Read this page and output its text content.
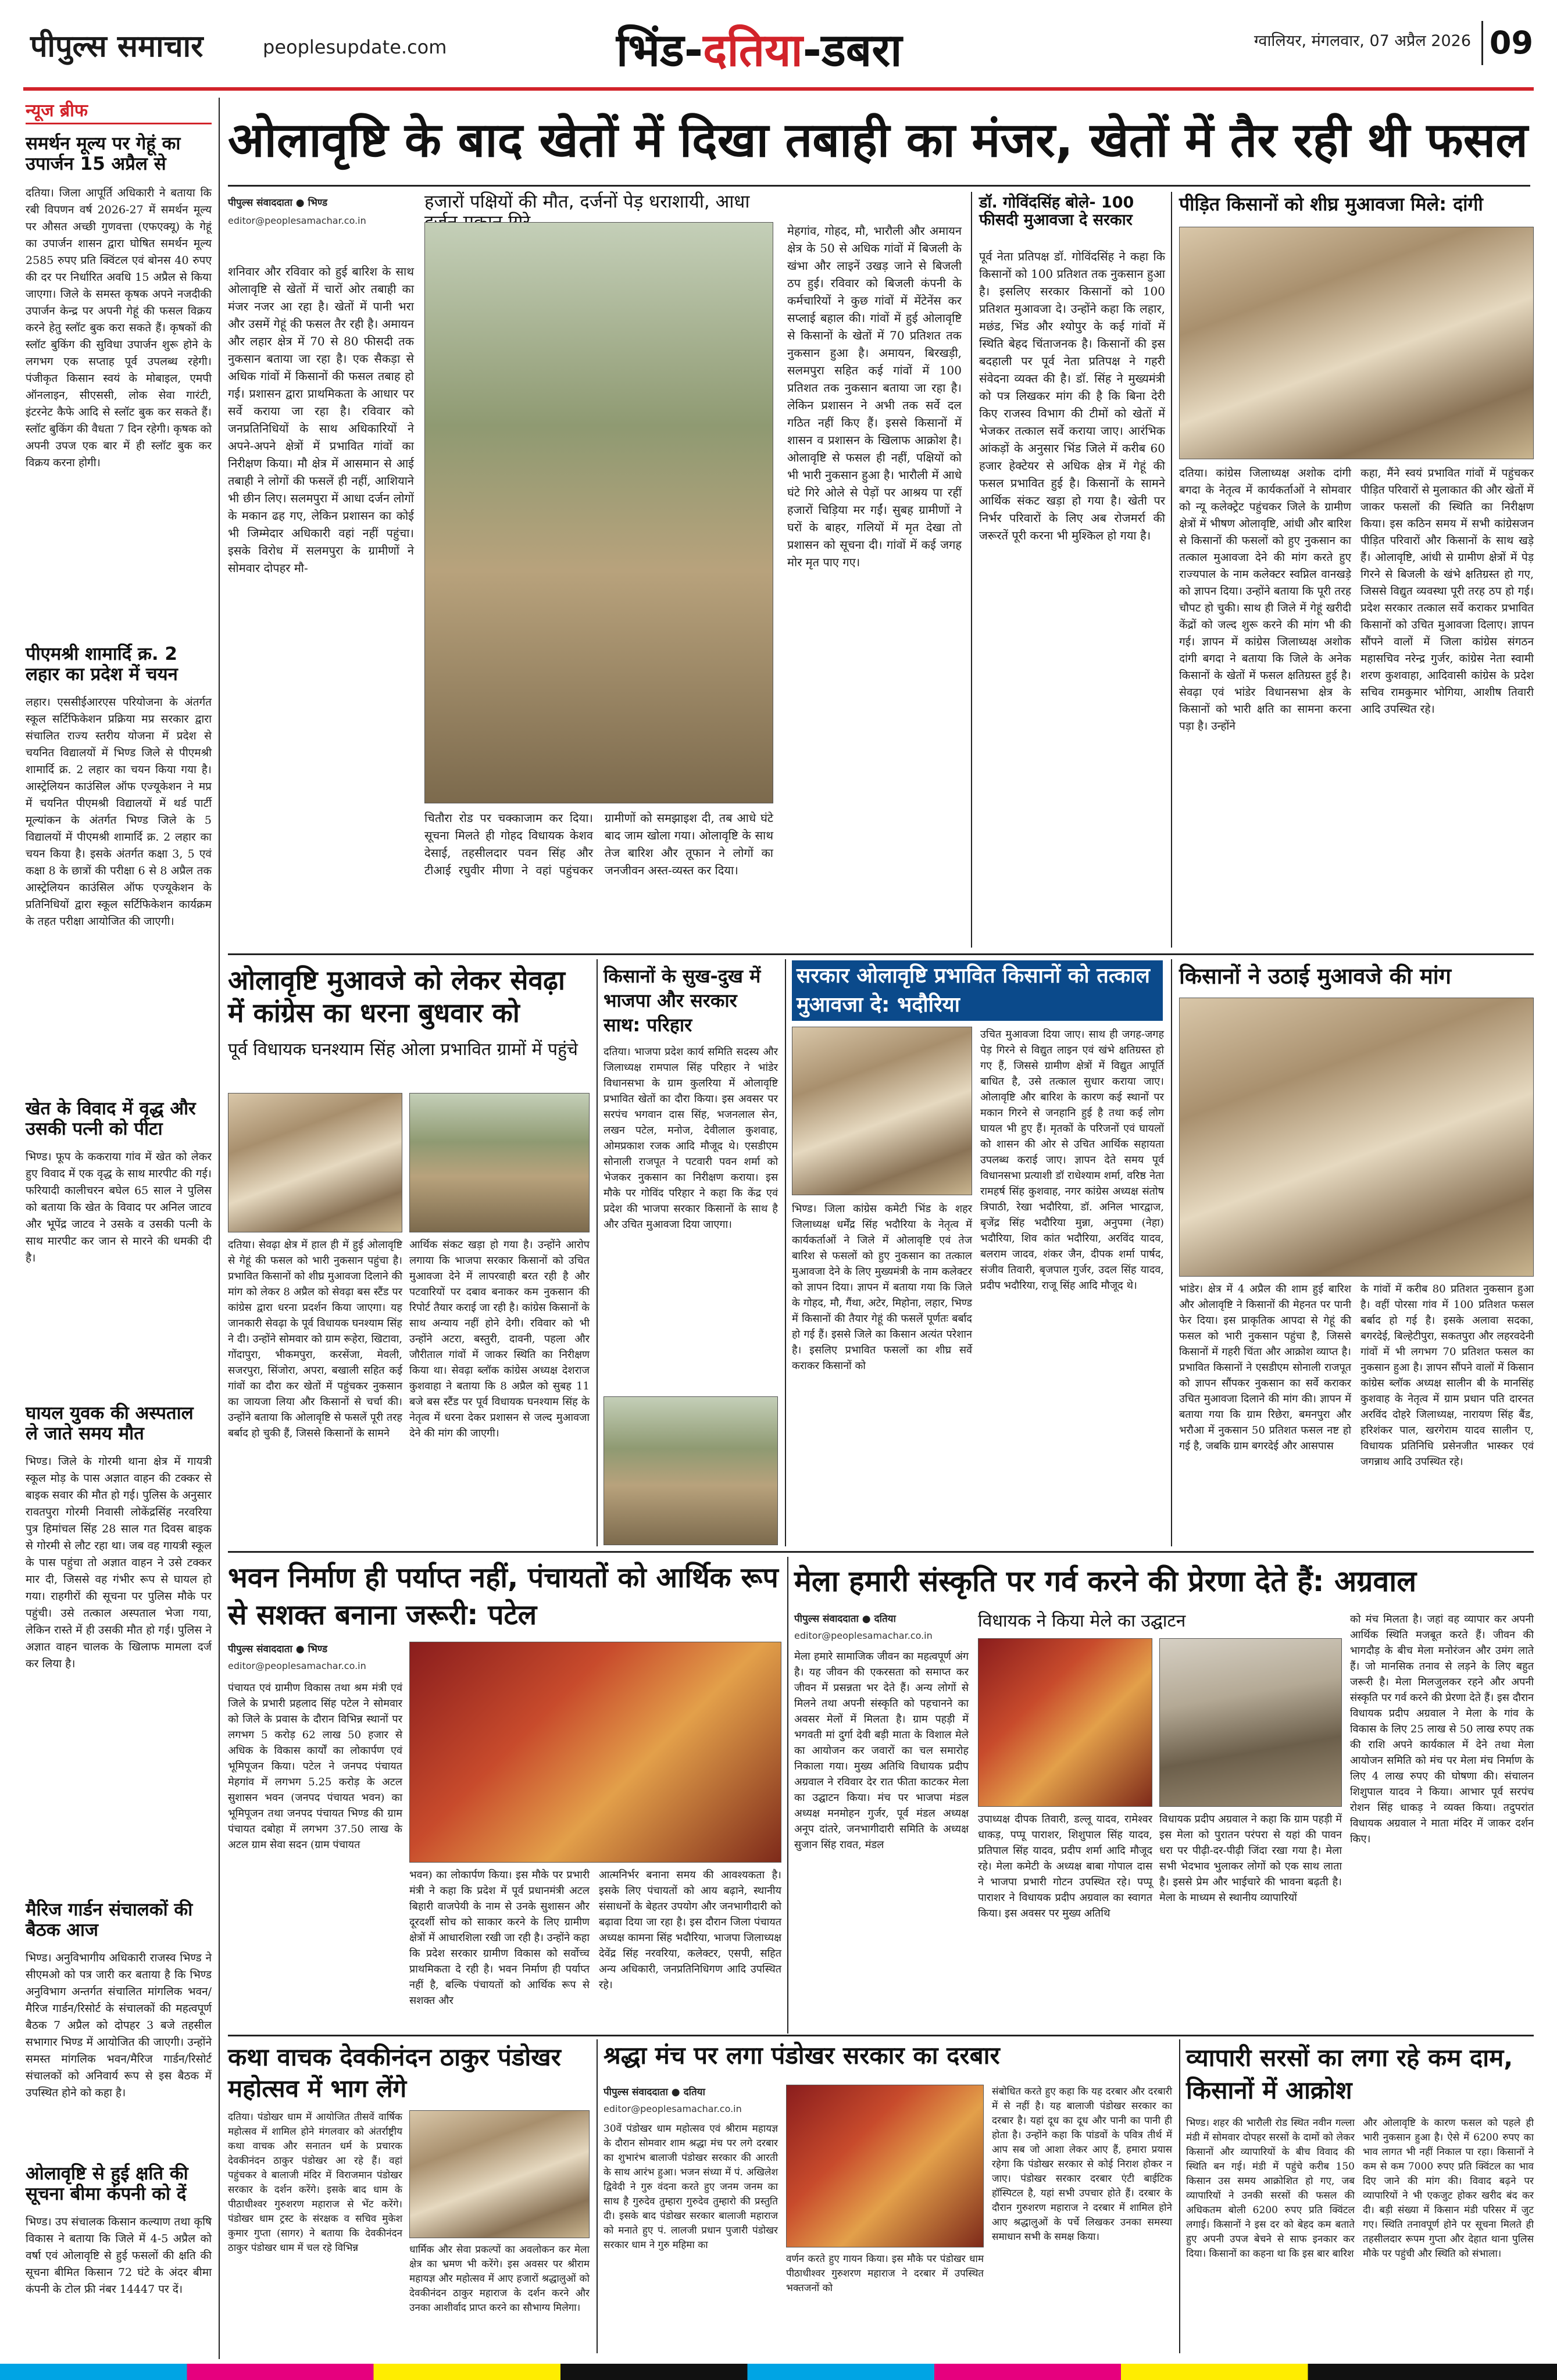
पीपुल्स समाचार	peoplesupdate.com	भिंड-दतिया-डबरा	ग्वालियर, मंगलवार, 07 अप्रैल 2026 09
न्यूज ब्रीफ
समर्थन मूल्य पर गेहूं का उपार्जन 15 अप्रैल से
दतिया। जिला आपूर्ति अधिकारी ने बताया कि रबी विपणन वर्ष 2026-27 में समर्थन मूल्य पर औसत अच्छी गुणवत्ता (एफएक्यू) के गेहूं का उपार्जन शासन द्वारा घोषित समर्थन मूल्य 2585 रुपए प्रति क्विंटल एवं बोनस 40 रुपए की दर पर निर्धारित अवधि 15 अप्रैल से किया जाएगा। जिले के समस्त कृषक अपने नजदीकी उपार्जन केन्द्र पर अपनी गेहूं की फसल विक्रय करने हेतु स्लॉट बुक करा सकते हैं। कृषकों की स्लॉट बुकिंग की सुविधा उपार्जन शुरू होने के लगभग एक सप्ताह पूर्व उपलब्ध रहेगी। पंजीकृत किसान स्वयं के मोबाइल, एमपी ऑनलाइन, सीएससी, लोक सेवा गारंटी, इंटरनेट कैफे आदि से स्लॉट बुक कर सकते हैं। स्लॉट बुकिंग की वैधता 7 दिन रहेगी। कृषक को अपनी उपज एक बार में ही स्लॉट बुक कर विक्रय करना होगी।
पीएमश्री शामार्दि क्र. 2 लहार का प्रदेश में चयन
लहार। एससीईआरएस परियोजना के अंतर्गत स्कूल सर्टिफिकेशन प्रक्रिया मप्र सरकार द्वारा संचालित राज्य स्तरीय योजना में प्रदेश से चयनित विद्यालयों में भिण्ड जिले से पीएमश्री शामार्दि क्र. 2 लहार का चयन किया गया है। आस्ट्रेलियन काउंसिल ऑफ एज्यूकेशन ने मप्र में चयनित पीएमश्री विद्यालयों में थर्ड पार्टी मूल्यांकन के अंतर्गत भिण्ड जिले के 5 विद्यालयों में पीएमश्री शामार्दि क्र. 2 लहार का चयन किया है। इसके अंतर्गत कक्षा 3, 5 एवं कक्षा 8 के छात्रों की परीक्षा 6 से 8 अप्रैल तक आस्ट्रेलियन काउंसिल ऑफ एज्यूकेशन के प्रतिनिधियों द्वारा स्कूल सर्टिफिकेशन कार्यक्रम के तहत परीक्षा आयोजित की जाएगी।
खेत के विवाद में वृद्ध और उसकी पत्नी को पीटा
भिण्ड। फूप के ककराया गांव में खेत को लेकर हुए विवाद में एक वृद्ध के साथ मारपीट की गई। फरियादी कालीचरन बघेल 65 साल ने पुलिस को बताया कि खेत के विवाद पर अनिल जाटव और भूपेंद्र जाटव ने उसके व उसकी पत्नी के साथ मारपीट कर जान से मारने की धमकी दी है।
घायल युवक की अस्पताल ले जाते समय मौत
भिण्ड। जिले के गोरमी थाना क्षेत्र में गायत्री स्कूल मोड़ के पास अज्ञात वाहन की टक्कर से बाइक सवार की मौत हो गई। पुलिस के अनुसार रावतपुरा गोरमी निवासी लोकेंद्रसिंह नरवरिया पुत्र हिमांचल सिंह 28 साल गत दिवस बाइक से गोरमी से लौट रहा था। जब वह गायत्री स्कूल के पास पहुंचा तो अज्ञात वाहन ने उसे टक्कर मार दी, जिससे वह गंभीर रूप से घायल हो गया। राहगीरों की सूचना पर पुलिस मौके पर पहुंची। उसे तत्काल अस्पताल भेजा गया, लेकिन रास्ते में ही उसकी मौत हो गई। पुलिस ने अज्ञात वाहन चालक के खिलाफ मामला दर्ज कर लिया है।
मैरिज गार्डन संचालकों की बैठक आज
भिण्ड। अनुविभागीय अधिकारी राजस्व भिण्ड ने सीएमओ को पत्र जारी कर बताया है कि भिण्ड अनुविभाग अन्तर्गत संचालित मांगलिक भवन/मैरिज गार्डन/रिसोर्ट के संचालकों की महत्वपूर्ण बैठक 7 अप्रैल को दोपहर 3 बजे तहसील सभागार भिण्ड में आयोजित की जाएगी। उन्होंने समस्त मांगलिक भवन/मैरिज गार्डन/रिसोर्ट संचालकों को अनिवार्य रूप से इस बैठक में उपस्थित होने को कहा है।
ओलावृष्टि से हुई क्षति की सूचना बीमा कंपनी को दें
भिण्ड। उप संचालक किसान कल्याण तथा कृषि विकास ने बताया कि जिले में 4-5 अप्रैल को वर्षा एवं ओलावृष्टि से हुई फसलों की क्षति की सूचना बीमित किसान 72 घंटे के अंदर बीमा कंपनी के टोल फ्री नंबर 14447 पर दें।
ओलावृष्टि के बाद खेतों में दिखा तबाही का मंजर, खेतों में तैर रही थी फसल
पीपुल्स संवाददाता ● भिण्ड
editor@peoplesamachar.co.in
शनिवार और रविवार को हुई बारिश के साथ ओलावृष्टि से खेतों में चारों ओर तबाही का मंजर नजर आ रहा है। खेतों में पानी भरा और उसमें गेहूं की फसल तैर रही है। अमायन और लहार क्षेत्र में 70 से 80 फीसदी तक नुकसान बताया जा रहा है। एक सैकड़ा से अधिक गांवों में किसानों की फसल तबाह हो गई। प्रशासन द्वारा प्राथमिकता के आधार पर सर्वे कराया जा रहा है। रविवार को जनप्रतिनिधियों के साथ अधिकारियों ने अपने-अपने क्षेत्रों में प्रभावित गांवों का निरीक्षण किया। मौ क्षेत्र में आसमान से आई तबाही ने लोगों की फसलें ही नहीं, आशियाने भी छीन लिए। सलमपुरा में आधा दर्जन लोगों के मकान ढह गए, लेकिन प्रशासन का कोई भी जिम्मेदार अधिकारी वहां नहीं पहुंचा। इसके विरोध में सलमपुरा के ग्रामीणों ने सोमवार दोपहर मौ-
हजारों पक्षियों की मौत, दर्जनों पेड़ धराशायी, आधा
चितौरा रोड पर चक्काजाम कर दिया। सूचना मिलते ही गोहद विधायक केशव देसाई, तहसीलदार पवन सिंह और टीआई रघुवीर मीणा ने वहां पहुंचकर ग्रामीणों को समझाइश दी, तब आधे घंटे बाद जाम खोला गया। ओलावृष्टि के साथ तेज बारिश और तूफान ने लोगों का जनजीवन अस्त-व्यस्त कर दिया।
मेहगांव, गोहद, मौ, भारौली और अमायन क्षेत्र के 50 से अधिक गांवों में बिजली के खंभा और लाइनें उखड़ जाने से बिजली ठप हुई। रविवार को बिजली कंपनी के कर्मचारियों ने कुछ गांवों में मेंटेनेंस कर सप्लाई बहाल की। गांवों में हुई ओलावृष्टि से किसानों के खेतों में 70 प्रतिशत तक नुकसान हुआ है। अमायन, बिरखड़ी, सलमपुरा सहित कई गांवों में 100 प्रतिशत तक नुकसान बताया जा रहा है। लेकिन प्रशासन ने अभी तक सर्वे दल गठित नहीं किए हैं। इससे किसानों में शासन व प्रशासन के खिलाफ आक्रोश है। ओलावृष्टि से फसल ही नहीं, पक्षियों को भी भारी नुकसान हुआ है। भारौली में आधे घंटे गिरे ओले से पेड़ों पर आश्रय पा रहीं हजारों चिड़िया मर गईं। सुबह ग्रामीणों ने घरों के बाहर, गलियों में मृत देखा तो प्रशासन को सूचना दी। गांवों में कई जगह मोर मृत पाए गए।
डॉ. गोविंदसिंह बोले- 100 फीसदी मुआवजा दे सरकार
पूर्व नेता प्रतिपक्ष डॉ. गोविंदसिंह ने कहा कि किसानों को 100 प्रतिशत तक नुकसान हुआ है। इसलिए सरकार किसानों को 100 प्रतिशत मुआवजा दे। उन्होंने कहा कि लहार, मछंड, भिंड और श्योपुर के कई गांवों में स्थिति बेहद चिंताजनक है। किसानों की इस बदहाली पर पूर्व नेता प्रतिपक्ष ने गहरी संवेदना व्यक्त की है। डॉ. सिंह ने मुख्यमंत्री को पत्र लिखकर मांग की है कि बिना देरी किए राजस्व विभाग की टीमों को खेतों में भेजकर तत्काल सर्वे कराया जाए। आरंभिक आंकड़ों के अनुसार भिंड जिले में करीब 60 हजार हेक्टेयर से अधिक क्षेत्र में गेहूं की फसल प्रभावित हुई है। किसानों के सामने आर्थिक संकट खड़ा हो गया है। खेती पर निर्भर परिवारों के लिए अब रोजमर्रा की जरूरतें पूरी करना भी मुश्किल हो गया है।
पीड़ित किसानों को शीघ्र मुआवजा मिले: दांगी
दतिया। कांग्रेस जिलाध्यक्ष अशोक दांगी बगदा के नेतृत्व में कार्यकर्ताओं ने सोमवार को न्यू कलेक्ट्रेट पहुंचकर जिले के ग्रामीण क्षेत्रों में भीषण ओलावृष्टि, आंधी और बारिश से किसानों की फसलों को हुए नुकसान का तत्काल मुआवजा देने की मांग करते हुए राज्यपाल के नाम कलेक्टर स्वप्निल वानखड़े को ज्ञापन दिया। उन्होंने बताया कि पूरी तरह चौपट हो चुकी। साथ ही जिले में गेहूं खरीदी केंद्रों को जल्द शुरू करने की मांग भी की गई। ज्ञापन में कांग्रेस जिलाध्यक्ष अशोक दांगी बगदा ने बताया कि जिले के अनेक किसानों के खेतों में फसल क्षतिग्रस्त हुई है। सेवढ़ा एवं भांडेर विधानसभा क्षेत्र के किसानों को भारी क्षति का सामना करना पड़ा है। उन्होंने
कहा, मैंने स्वयं प्रभावित गांवों में पहुंचकर पीड़ित परिवारों से मुलाकात की और खेतों में जाकर फसलों की स्थिति का निरीक्षण किया। इस कठिन समय में सभी कांग्रेसजन पीड़ित परिवारों और किसानों के साथ खड़े हैं। ओलावृष्टि, आंधी से ग्रामीण क्षेत्रों में पेड़ गिरने से बिजली के खंभे क्षतिग्रस्त हो गए, जिससे विद्युत व्यवस्था पूरी तरह ठप हो गई। प्रदेश सरकार तत्काल सर्वे कराकर प्रभावित किसानों को उचित मुआवजा दिलाए। ज्ञापन सौंपने वालों में जिला कांग्रेस संगठन महासचिव नरेन्द्र गुर्जर, कांग्रेस नेता स्वामी शरण कुशवाहा, आदिवासी कांग्रेस के प्रदेश सचिव रामकुमार भोगिया, आशीष तिवारी आदि उपस्थित रहे।
ओलावृष्टि मुआवजे को लेकर सेवढ़ा में कांग्रेस का धरना बुधवार को
पूर्व विधायक घनश्याम सिंह ओला प्रभावित ग्रामों में पहुंचे
दतिया। सेवढ़ा क्षेत्र में हाल ही में हुई ओलावृष्टि से गेहूं की फसल को भारी नुकसान पहुंचा है। प्रभावित किसानों को शीघ्र मुआवजा दिलाने की मांग को लेकर 8 अप्रैल को सेवढ़ा बस स्टैंड पर कांग्रेस द्वारा धरना प्रदर्शन किया जाएगा। यह जानकारी सेवढ़ा के पूर्व विधायक घनश्याम सिंह ने दी। उन्होंने सोमवार को ग्राम रूहेरा, खिटावा, गोंदापुरा, भीकमपुरा, करसेंजा, मेवली, सजरपुरा, सिंजोरा, अपरा, बखाली सहित कई गांवों का दौरा कर खेतों में पहुंचकर नुकसान का जायजा लिया और किसानों से चर्चा की। उन्होंने बताया कि ओलावृष्टि से फसलें पूरी तरह बर्बाद हो चुकी हैं, जिससे किसानों के सामने
आर्थिक संकट खड़ा हो गया है। उन्होंने आरोप लगाया कि भाजपा सरकार किसानों को उचित मुआवजा देने में लापरवाही बरत रही है और पटवारियों पर दबाव बनाकर कम नुकसान की रिपोर्ट तैयार कराई जा रही है। कांग्रेस किसानों के साथ अन्याय नहीं होने देगी। रविवार को भी उन्होंने अटरा, बस्तुरी, दावनी, पहला और जौरीताल गांवों में जाकर स्थिति का निरीक्षण किया था। सेवढ़ा ब्लॉक कांग्रेस अध्यक्ष देशराज कुशवाहा ने बताया कि 8 अप्रैल को सुबह 11 बजे बस स्टैंड पर पूर्व विधायक घनश्याम सिंह के नेतृत्व में धरना देकर प्रशासन से जल्द मुआवजा देने की मांग की जाएगी।
किसानों के सुख-दुख में भाजपा और सरकार साथ: परिहार
दतिया। भाजपा प्रदेश कार्य समिति सदस्य और जिलाध्यक्ष रामपाल सिंह परिहार ने भांडेर विधानसभा के ग्राम कुलरिया में ओलावृष्टि प्रभावित खेतों का दौरा किया। इस अवसर पर सरपंच भगवान दास सिंह, भजनलाल सेन, लखन पटेल, मनोज, देवीलाल कुशवाह, ओमप्रकाश रजक आदि मौजूद थे। एसडीएम सोनाली राजपूत ने पटवारी पवन शर्मा को भेजकर नुकसान का निरीक्षण कराया। इस मौके पर गोविंद परिहार ने कहा कि केंद्र एवं प्रदेश की भाजपा सरकार किसानों के साथ है और उचित मुआवजा दिया जाएगा।
सरकार ओलावृष्टि प्रभावित किसानों को तत्काल मुआवजा दे: भदौरिया
भिण्ड। जिला कांग्रेस कमेटी भिंड के शहर जिलाध्यक्ष धर्मेंद्र सिंह भदौरिया के नेतृत्व में कार्यकर्ताओं ने जिले में ओलावृष्टि एवं तेज बारिश से फसलों को हुए नुकसान का तत्काल मुआवजा देने के लिए मुख्यमंत्री के नाम कलेक्टर को ज्ञापन दिया। ज्ञापन में बताया गया कि जिले के गोहद, मौ, गैंथा, अटेर, मिहोना, लहार, भिण्ड में किसानों की तैयार गेहूं की फसलें पूर्णतः बर्बाद हो गई हैं। इससे जिले का किसान अत्यंत परेशान है। इसलिए प्रभावित फसलों का शीघ्र सर्वे कराकर किसानों को
उचित मुआवजा दिया जाए। साथ ही जगह-जगह पेड़ गिरने से विद्युत लाइन एवं खंभे क्षतिग्रस्त हो गए हैं, जिससे ग्रामीण क्षेत्रों में विद्युत आपूर्ति बाधित है, उसे तत्काल सुधार कराया जाए। ओलावृष्टि और बारिश के कारण कई स्थानों पर मकान गिरने से जनहानि हुई है तथा कई लोग घायल भी हुए हैं। मृतकों के परिजनों एवं घायलों को शासन की ओर से उचित आर्थिक सहायता उपलब्ध कराई जाए। ज्ञापन देते समय पूर्व विधानसभा प्रत्याशी डॉ राधेश्याम शर्मा, वरिष्ठ नेता रामहर्ष सिंह कुशवाह, नगर कांग्रेस अध्यक्ष संतोष त्रिपाठी, रेखा भदौरिया, डॉ. अनिल भारद्वाज, बृजेंद्र सिंह भदौरिया मुन्ना, अनुपमा (नेहा) भदौरिया, शिव कांत भदौरिया, अरविंद यादव, बलराम जादव, शंकर जैन, दीपक शर्मा पार्षद, संजीव तिवारी, बृजपाल गुर्जर, उदल सिंह यादव, प्रदीप भदौरिया, राजू सिंह आदि मौजूद थे।
किसानों ने उठाई मुआवजे की मांग
भांडेर। क्षेत्र में 4 अप्रैल की शाम हुई बारिश और ओलावृष्टि ने किसानों की मेहनत पर पानी फेर दिया। इस प्राकृतिक आपदा से गेहूं की फसल को भारी नुकसान पहुंचा है, जिससे किसानों में गहरी चिंता और आक्रोश व्याप्त है। प्रभावित किसानों ने एसडीएम सोनाली राजपूत को ज्ञापन सौंपकर नुकसान का सर्वे कराकर उचित मुआवजा दिलाने की मांग की। ज्ञापन में बताया गया कि ग्राम रिछेरा, बमनपुरा और भरौआ में नुकसान 50 प्रतिशत फसल नष्ट हो गई है, जबकि ग्राम बगरदेई और आसपास
के गांवों में करीब 80 प्रतिशत नुकसान हुआ है। वहीं पोरसा गांव में 100 प्रतिशत फसल बर्बाद हो गई है। इसके अलावा सदका, बगरदेई, बिल्हेटीपुरा, सकतपुरा और लहरवदेनी गांवों में भी लगभग 70 प्रतिशत फसल का नुकसान हुआ है। ज्ञापन सौंपने वालों में किसान कांग्रेस ब्लॉक अध्यक्ष सालीन बी के मानसिंह कुशवाह के नेतृत्व में ग्राम प्रधान पति दारनत अरविंद दोहरे जिलाध्यक्ष, नारायण सिंह बैंड, हरिशंकर पाल, खरगेराम यादव सालीन ए, विधायक प्रतिनिधि प्रसेनजीत भास्कर एवं जगन्नाथ आदि उपस्थित रहे।
भवन निर्माण ही पर्याप्त नहीं, पंचायतों को आर्थिक रूप से सशक्त बनाना जरूरी: पटेल
पीपुल्स संवाददाता ● भिण्ड
editor@peoplesamachar.co.in
पंचायत एवं ग्रामीण विकास तथा श्रम मंत्री एवं जिले के प्रभारी प्रहलाद सिंह पटेल ने सोमवार को जिले के प्रवास के दौरान विभिन्न स्थानों पर लगभग 5 करोड़ 62 लाख 50 हजार से अधिक के विकास कार्यों का लोकार्पण एवं भूमिपूजन किया। पटेल ने जनपद पंचायत मेहगांव में लगभग 5.25 करोड़ के अटल सुशासन भवन (जनपद पंचायत भवन) का भूमिपूजन तथा जनपद पंचायत भिण्ड की ग्राम पंचायत दबोहा में लगभग 37.50 लाख के अटल ग्राम सेवा सदन (ग्राम पंचायत
भवन) का लोकार्पण किया। इस मौके पर प्रभारी मंत्री ने कहा कि प्रदेश में पूर्व प्रधानमंत्री अटल बिहारी वाजपेयी के नाम से उनके सुशासन और दूरदर्शी सोच को साकार करने के लिए ग्रामीण क्षेत्रों में आधारशिला रखी जा रही है। उन्होंने कहा कि प्रदेश सरकार ग्रामीण विकास को सर्वोच्च प्राथमिकता दे रही है। भवन निर्माण ही पर्याप्त नहीं है, बल्कि पंचायतों को आर्थिक रूप से सशक्त और
आत्मनिर्भर बनाना समय की आवश्यकता है। इसके लिए पंचायतों को आय बढ़ाने, स्थानीय संसाधनों के बेहतर उपयोग और जनभागीदारी को बढ़ावा दिया जा रहा है। इस दौरान जिला पंचायत अध्यक्ष कामना सिंह भदौरिया, भाजपा जिलाध्यक्ष देवेंद्र सिंह नरवरिया, कलेक्टर, एसपी, सहित अन्य अधिकारी, जनप्रतिनिधिगण आदि उपस्थित रहे।
मेला हमारी संस्कृति पर गर्व करने की प्रेरणा देते हैं: अग्रवाल
पीपुल्स संवाददाता ● दतिया
editor@peoplesamachar.co.in
मेला हमारे सामाजिक जीवन का महत्वपूर्ण अंग है। यह जीवन की एकरसता को समाप्त कर जीवन में प्रसन्नता भर देते हैं। अन्य लोगों से मिलने तथा अपनी संस्कृति को पहचानने का अवसर मेलों में मिलता है। ग्राम पहड़ी में भगवती मां दुर्गा देवी बड़ी माता के विशाल मेले का आयोजन कर जवारों का चल समारोह निकाला गया। मुख्य अतिथि विधायक प्रदीप अग्रवाल ने रविवार देर रात फीता काटकर मेला का उद्घाटन किया। मंच पर भाजपा मंडल अध्यक्ष मनमोहन गुर्जर, पूर्व मंडल अध्यक्ष अनूप दांतरे, जनभागीदारी समिति के अध्यक्ष सुजान सिंह रावत, मंडल
विधायक ने किया मेले का उद्घाटन
उपाध्यक्ष दीपक तिवारी, डल्लू यादव, रामेश्वर धाकड़, पप्पू पाराशर, शिशुपाल सिंह यादव, प्रतिपाल सिंह यादव, प्रदीप शर्मा आदि मौजूद रहे। मेला कमेटी के अध्यक्ष बाबा गोपाल दास ने भाजपा प्रभारी गोटन उपस्थित रहे। पप्पू पाराशर ने विधायक प्रदीप अग्रवाल का स्वागत किया। इस अवसर पर मुख्य अतिथि
विधायक प्रदीप अग्रवाल ने कहा कि ग्राम पहड़ी में इस मेला को पुरातन परंपरा से यहां की पावन धरा पर पीढ़ी-दर-पीढ़ी जिंदा रखा गया है। मेला सभी भेदभाव भुलाकर लोगों को एक साथ लाता है। इससे प्रेम और भाईचारे की भावना बढ़ती है। मेला के माध्यम से स्थानीय व्यापारियों
को मंच मिलता है। जहां वह व्यापार कर अपनी आर्थिक स्थिति मजबूत करते हैं। जीवन की भागदौड़ के बीच मेला मनोरंजन और उमंग लाते हैं। जो मानसिक तनाव से लड़ने के लिए बहुत जरूरी है। मेला मिलजुलकर रहने और अपनी संस्कृति पर गर्व करने की प्रेरणा देते हैं। इस दौरान विधायक प्रदीप अग्रवाल ने मेला के गांव के विकास के लिए 25 लाख से 50 लाख रुपए तक की राशि अपने कार्यकाल में देने तथा मेला आयोजन समिति को मंच पर मेला मंच निर्माण के लिए 4 लाख रुपए की घोषणा की। संचालन शिशुपाल यादव ने किया। आभार पूर्व सरपंच रोशन सिंह धाकड़ ने व्यक्त किया। तदुपरांत विधायक अग्रवाल ने माता मंदिर में जाकर दर्शन किए।
कथा वाचक देवकीनंदन ठाकुर पंडोखर महोत्सव में भाग लेंगे
दतिया। पंडोखर धाम में आयोजित तीसवें वार्षिक महोत्सव में शामिल होने मंगलवार को अंतर्राष्ट्रीय कथा वाचक और सनातन धर्म के प्रचारक देवकीनंदन ठाकुर पंडोखर आ रहे हैं। वहां पहुंचकर वे बालाजी मंदिर में विराजमान पंडोखर सरकार के दर्शन करेंगे। इसके बाद धाम के पीठाधीश्वर गुरुशरण महाराज से भेंट करेंगे। पंडोखर धाम ट्रस्ट के संरक्षक व सचिव मुकेश कुमार गुप्ता (सागर) ने बताया कि देवकीनंदन ठाकुर पंडोखर धाम में चल रहे विभिन्न	धार्मिक और सेवा प्रकल्पों का अवलोकन कर मेला क्षेत्र का भ्रमण भी करेंगे। इस अवसर पर श्रीराम महायज्ञ और महोत्सव में आए हजारों श्रद्धालुओं को देवकीनंदन ठाकुर महाराज के दर्शन करने और उनका आशीर्वाद प्राप्त करने का सौभाग्य मिलेगा।
श्रद्धा मंच पर लगा पंडोखर सरकार का दरबार
पीपुल्स संवाददाता ● दतिया
editor@peoplesamachar.co.in
30वें पंडोखर धाम महोत्सव एवं श्रीराम महायज्ञ के दौरान सोमवार शाम श्रद्धा मंच पर लगे दरबार का शुभारंभ बालाजी पंडोखर सरकार की आरती के साथ आरंभ हुआ। भजन संध्या में पं. अखिलेश द्विवेदी ने गुरु वंदना करते हुए जनम जनम का साथ है गुरुदेव तुम्हारा गुरुदेव तुम्हारो की प्रस्तुति दी। इसके बाद पंडोखर सरकार बालाजी महाराज को मनाते हुए पं. लालजी प्रधान पुजारी पंडोखर सरकार धाम ने गुरु महिमा का
वर्णन करते हुए गायन किया। इस मौके पर पंडोखर धाम पीठाधीश्वर गुरुशरण महाराज ने दरबार में उपस्थित भक्तजनों को
संबोधित करते हुए कहा कि यह दरबार और दरबारी में से नहीं है। यह बालाजी पंडोखर सरकार का दरबार है। यहां दूध का दूध और पानी का पानी ही होता है। उन्होंने कहा कि पांडवों के पवित्र तीर्थ में आप सब जो आशा लेकर आए हैं, हमारा प्रयास रहेगा कि पंडोखर सरकार से कोई निराश होकर न जाए। पंडोखर सरकार दरबार एंटी बाईटिक हॉस्पिटल है, यहां सभी उपचार होते हैं। दरबार के दौरान गुरुशरण महाराज ने दरबार में शामिल होने आए श्रद्धालुओं के पर्चे लिखकर उनका समस्या समाधान सभी के समक्ष किया।
व्यापारी सरसों का लगा रहे कम दाम, किसानों में आक्रोश
भिण्ड। शहर की भारौली रोड स्थित नवीन गल्ला मंडी में सोमवार दोपहर सरसों के दामों को लेकर किसानों और व्यापारियों के बीच विवाद की स्थिति बन गई। मंडी में पहुंचे करीब 150 किसान उस समय आक्रोशित हो गए, जब व्यापारियों ने उनकी सरसों की फसल की अधिकतम बोली 6200 रुपए प्रति क्विंटल लगाई। किसानों ने इस दर को बेहद कम बताते हुए अपनी उपज बेचने से साफ इनकार कर दिया। किसानों का कहना था कि इस बार बारिश
और ओलावृष्टि के कारण फसल को पहले ही भारी नुकसान हुआ है। ऐसे में 6200 रुपए का भाव लागत भी नहीं निकाल पा रहा। किसानों ने कम से कम 7000 रुपए प्रति क्विंटल का भाव दिए जाने की मांग की। विवाद बढ़ने पर व्यापारियों ने भी एकजुट होकर खरीद बंद कर दी। बड़ी संख्या में किसान मंडी परिसर में जुट गए। स्थिति तनावपूर्ण होने पर सूचना मिलते ही तहसीलदार रूपम गुप्ता और देहात थाना पुलिस मौके पर पहुंची और स्थिति को संभाला।
